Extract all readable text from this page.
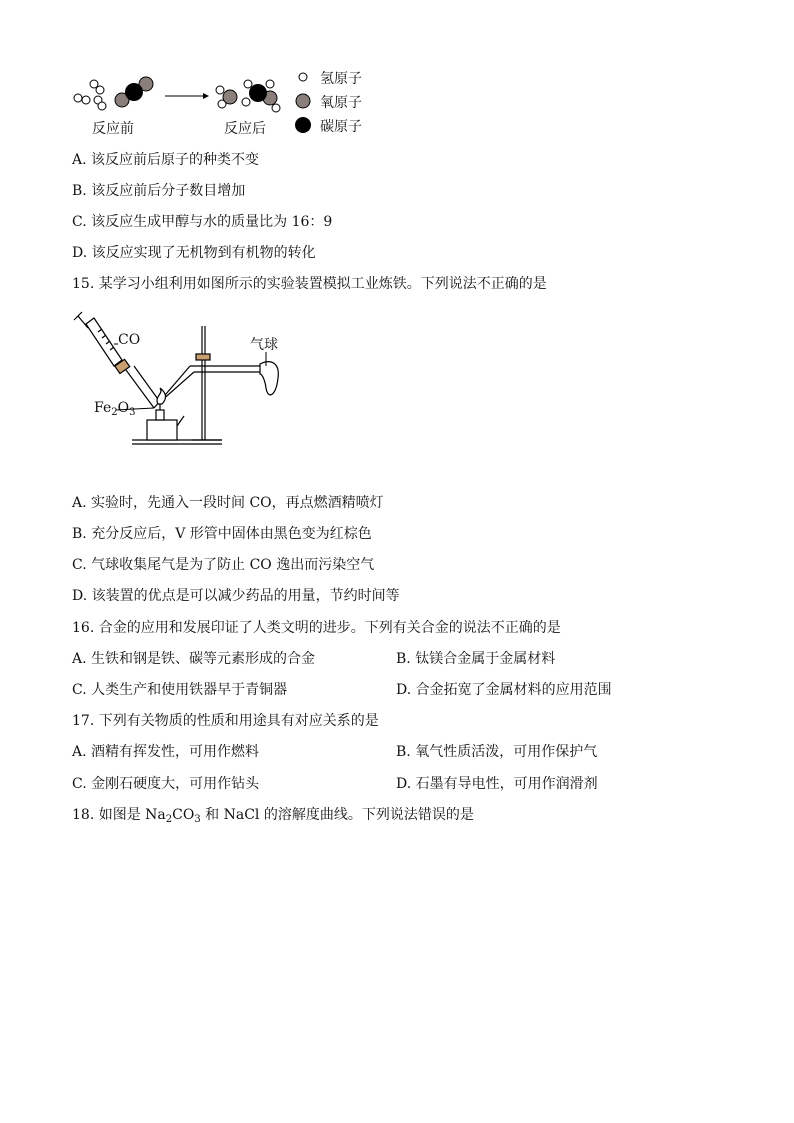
反应前	反应后
氢原子
氧原子
碳原子
A. 该反应前后原子的种类不变
B. 该反应前后分子数目增加
C. 该反应生成甲醇与水的质量比为 16：9
D. 该反应实现了无机物到有机物的转化
15. 某学习小组利用如图所示的实验装置模拟工业炼铁。下列说法不正确的是
CO	气球
$Fe_2O_3$
A. 实验时，先通入一段时间 CO，再点燃酒精喷灯
B. 充分反应后，V 形管中固体由黑色变为红棕色
C. 气球收集尾气是为了防止 CO 逸出而污染空气
D. 该装置的优点是可以减少药品的用量，节约时间等
16. 合金的应用和发展印证了人类文明的进步。下列有关合金的说法不正确的是
A. 生铁和钢是铁、碳等元素形成的合金	B. 钛镁合金属于金属材料
C. 人类生产和使用铁器早于青铜器	D. 合金拓宽了金属材料的应用范围
17. 下列有关物质的性质和用途具有对应关系的是
A. 酒精有挥发性，可用作燃料	B. 氧气性质活泼，可用作保护气
C. 金刚石硬度大，可用作钻头	D. 石墨有导电性，可用作润滑剂
18. 如图是 $Na_2CO_3$ 和 NaCl 的溶解度曲线。下列说法错误的是
